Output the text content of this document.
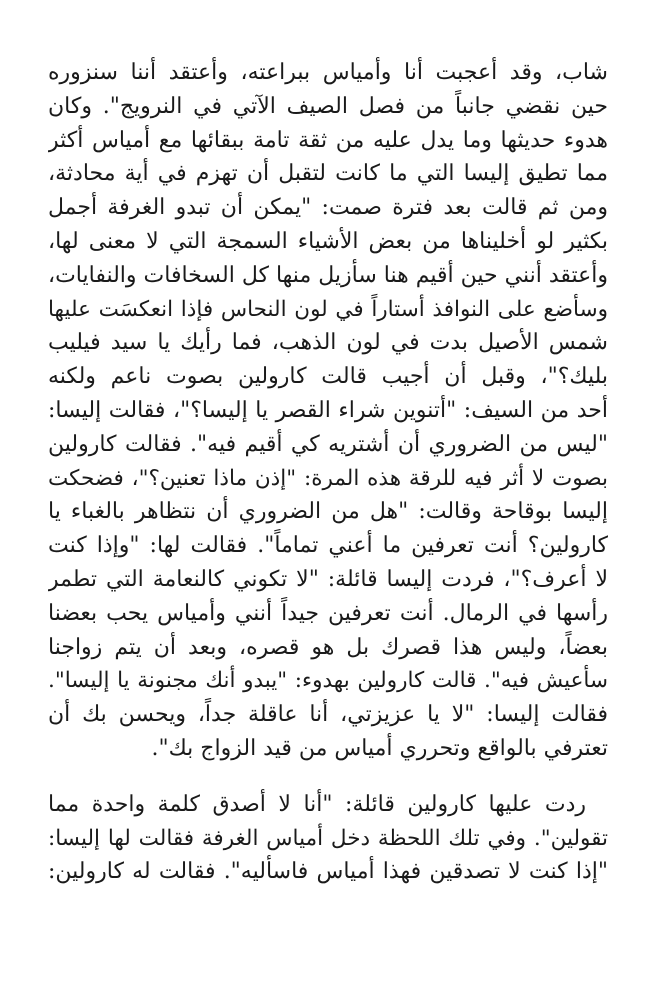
شاب، وقد أعجبت أنا وأمياس ببراعته، وأعتقد أننا سنزوره
حين نقضي جانباً من فصل الصيف الآتي في النرويج". وكان
هدوء حديثها وما يدل عليه من ثقة تامة ببقائها مع أمياس أكثر
مما تطيق إليسا التي ما كانت لتقبل أن تهزم في أية محادثة،
ومن ثم قالت بعد فترة صمت: "يمكن أن تبدو الغرفة أجمل
بكثير لو أخليناها من بعض الأشياء السمجة التي لا معنى لها،
وأعتقد أنني حين أقيم هنا سأزيل منها كل السخافات والنفايات،
وسأضع على النوافذ أستاراً في لون النحاس فإذا انعكسَت عليها
شمس الأصيل بدت في لون الذهب، فما رأيك يا سيد فيليب
بليك؟"، وقبل أن أجيب قالت كارولين بصوت ناعم ولكنه
أحد من السيف: "أتنوين شراء القصر يا إليسا؟"، فقالت إليسا:
"ليس من الضروري أن أشتريه كي أقيم فيه". فقالت كارولين
بصوت لا أثر فيه للرقة هذه المرة: "إذن ماذا تعنين؟"، فضحكت
إليسا بوقاحة وقالت: "هل من الضروري أن نتظاهر بالغباء يا
كارولين؟ أنت تعرفين ما أعني تماماً". فقالت لها: "وإذا كنت
لا أعرف؟"، فردت إليسا قائلة: "لا تكوني كالنعامة التي تطمر
رأسها في الرمال. أنت تعرفين جيداً أنني وأمياس يحب بعضنا
بعضاً، وليس هذا قصرك بل هو قصره، وبعد أن يتم زواجنا
سأعيش فيه". قالت كارولين بهدوء: "يبدو أنك مجنونة يا إليسا".
فقالت إليسا: "لا يا عزيزتي، أنا عاقلة جداً، ويحسن بك أن
تعترفي بالواقع وتحرري أمياس من قيد الزواج بك".
ردت عليها كارولين قائلة: "أنا لا أصدق كلمة واحدة مما
تقولين". وفي تلك اللحظة دخل أمياس الغرفة فقالت لها إليسا:
"إذا كنت لا تصدقين فهذا أمياس فاسأليه". فقالت له كارولين:
